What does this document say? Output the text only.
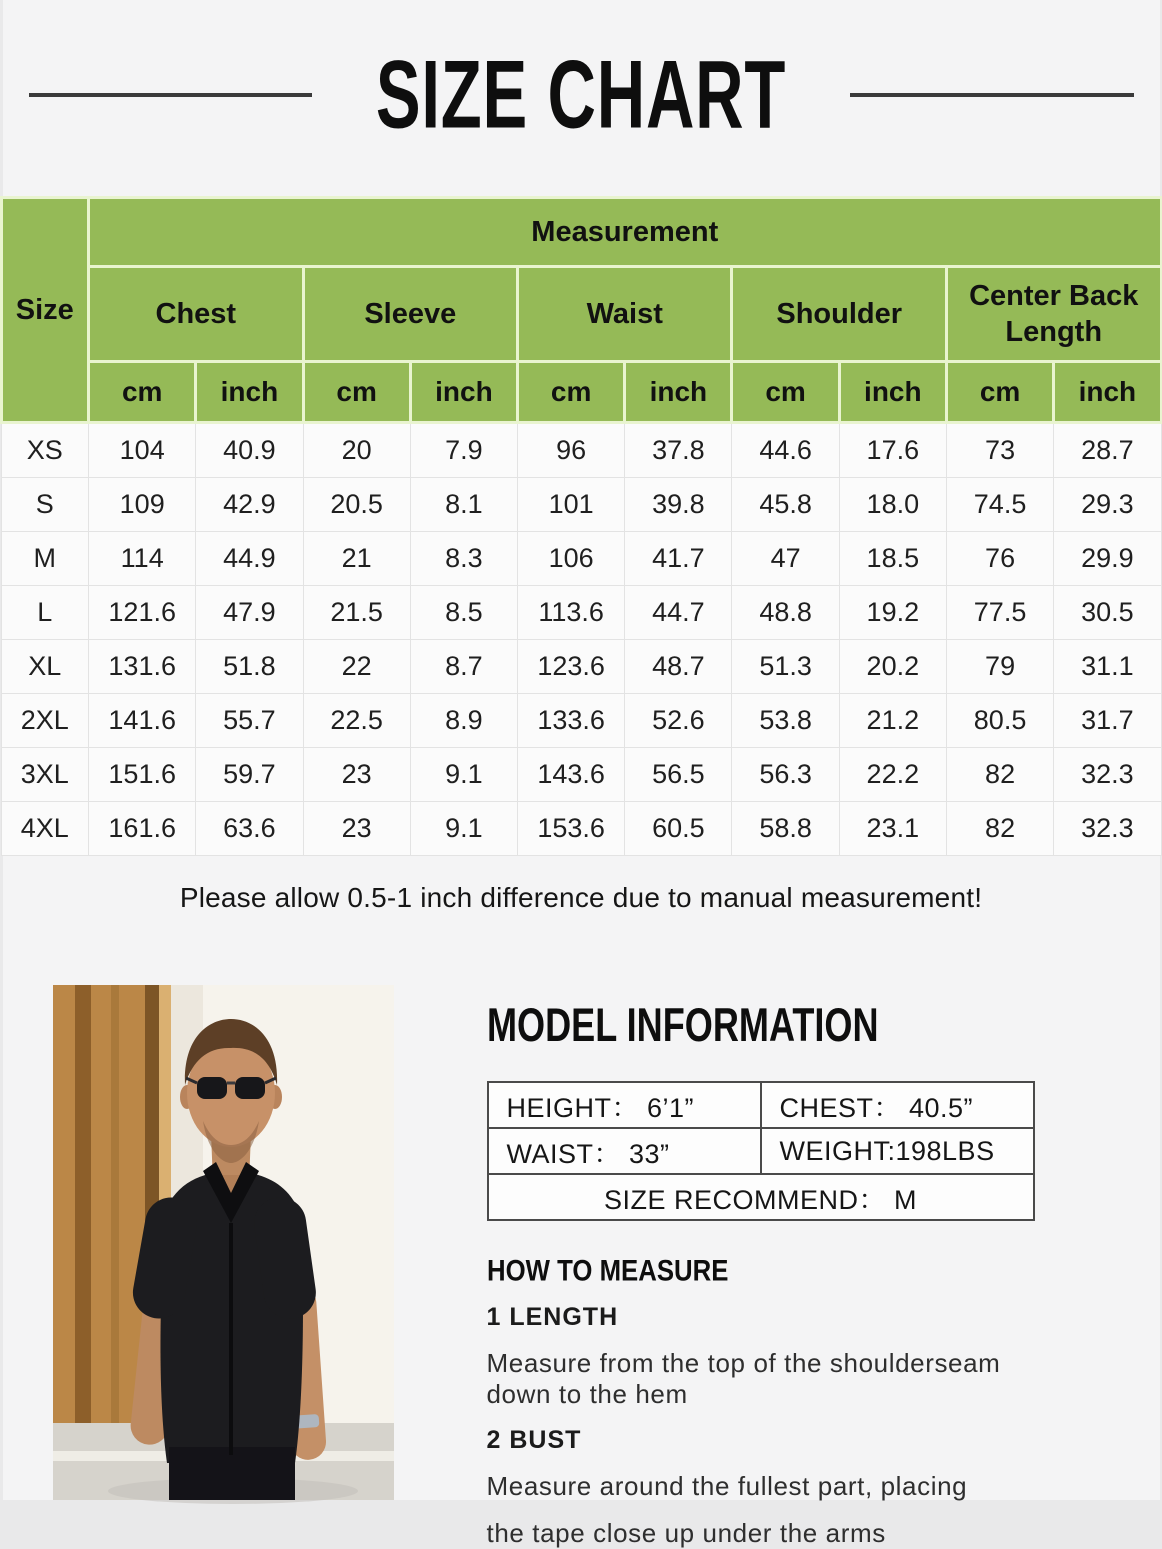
SIZE CHART
Size	Measurement									
	Chest		Sleeve		Waist		Shoulder		Center Back Length	
	cm	inch	cm	inch	cm	inch	cm	inch	cm	inch
XS	104	40.9	20	7.9	96	37.8	44.6	17.6	73	28.7
S	109	42.9	20.5	8.1	101	39.8	45.8	18.0	74.5	29.3
M	114	44.9	21	8.3	106	41.7	47	18.5	76	29.9
L	121.6	47.9	21.5	8.5	113.6	44.7	48.8	19.2	77.5	30.5
XL	131.6	51.8	22	8.7	123.6	48.7	51.3	20.2	79	31.1
2XL	141.6	55.7	22.5	8.9	133.6	52.6	53.8	21.2	80.5	31.7
3XL	151.6	59.7	23	9.1	143.6	56.5	56.3	22.2	82	32.3
4XL	161.6	63.6	23	9.1	153.6	60.5	58.8	23.1	82	32.3

Please allow 0.5-1 inch difference due to manual measurement!

MODEL INFORMATION
HEIGHT： 6’1”	CHEST： 40.5”
WAIST： 33”	WEIGHT:198LBS
SIZE RECOMMEND： M	
HOW TO MEASURE

1 LENGTH

Measure from the top of the shoulderseam down to the hem

2 BUST

Measure around the fullest part, placing

the tape close up under the arms
